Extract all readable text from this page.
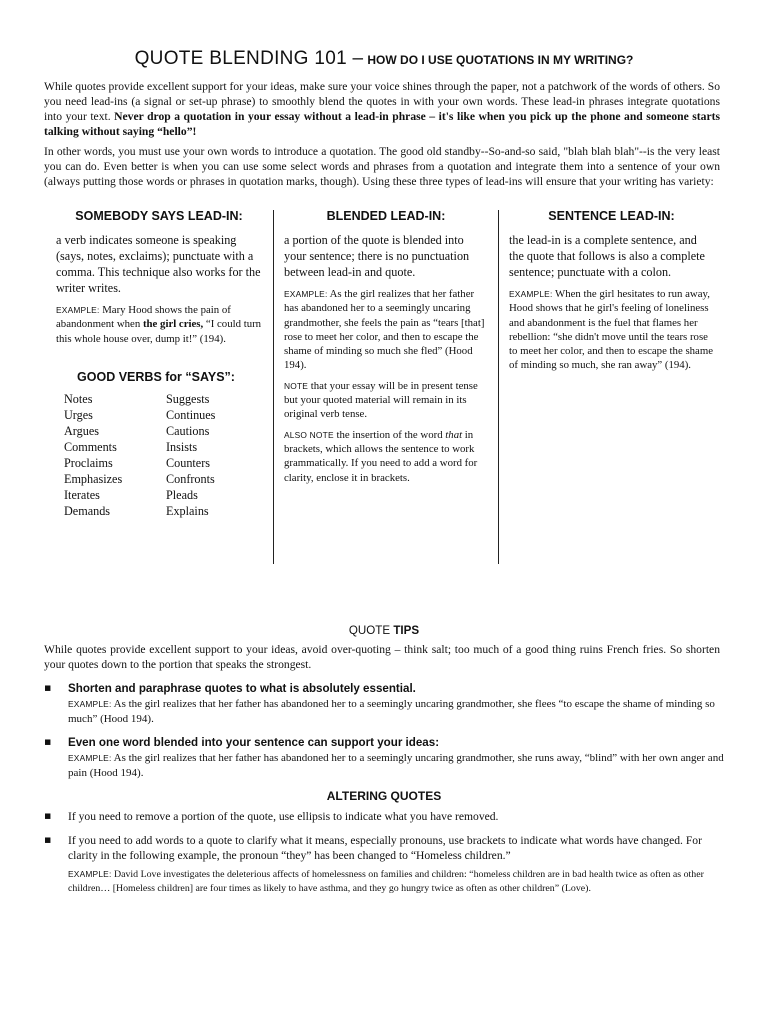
QUOTE BLENDING 101 – HOW DO I USE QUOTATIONS IN MY WRITING?
While quotes provide excellent support for your ideas, make sure your voice shines through the paper, not a patchwork of the words of others. So you need lead-ins (a signal or set-up phrase) to smoothly blend the quotes in with your own words. These lead-in phrases integrate quotations into your text. Never drop a quotation in your essay without a lead-in phrase – it's like when you pick up the phone and someone starts talking without saying “hello”!
In other words, you must use your own words to introduce a quotation. The good old standby--So-and-so said, "blah blah blah"--is the very least you can do. Even better is when you can use some select words and phrases from a quotation and integrate them into a sentence of your own (always putting those words or phrases in quotation marks, though). Using these three types of lead-ins will ensure that your writing has variety:
SOMEBODY SAYS LEAD-IN:
a verb indicates someone is speaking (says, notes, exclaims); punctuate with a comma. This technique also works for the writer writes.
EXAMPLE: Mary Hood shows the pain of abandonment when the girl cries, “I could turn this whole house over, dump it!” (194).
GOOD VERBS for “SAYS”:
Notes	Suggests
Urges	Continues
Argues	Cautions
Comments	Insists
Proclaims	Counters
Emphasizes	Confronts
Iterates	Pleads
Demands	Explains
BLENDED LEAD-IN:
a portion of the quote is blended into your sentence; there is no punctuation between lead-in and quote.
EXAMPLE: As the girl realizes that her father has abandoned her to a seemingly uncaring grandmother, she feels the pain as “tears [that] rose to meet her color, and then to escape the shame of minding so much she fled” (Hood 194).
NOTE that your essay will be in present tense but your quoted material will remain in its original verb tense.
ALSO NOTE the insertion of the word that in brackets, which allows the sentence to work grammatically. If you need to add a word for clarity, enclose it in brackets.
SENTENCE LEAD-IN:
the lead-in is a complete sentence, and the quote that follows is also a complete sentence; punctuate with a colon.
EXAMPLE: When the girl hesitates to run away, Hood shows that he girl's feeling of loneliness and abandonment is the fuel that flames her rebellion: “she didn't move until the tears rose to meet her color, and then to escape the shame of minding so much, she ran away” (194).
QUOTE TIPS
While quotes provide excellent support to your ideas, avoid over-quoting – think salt; too much of a good thing ruins French fries. So shorten your quotes down to the portion that speaks the strongest.
▪ Shorten and paraphrase quotes to what is absolutely essential.
EXAMPLE: As the girl realizes that her father has abandoned her to a seemingly uncaring grandmother, she flees “to escape the shame of minding so much” (Hood 194).
▪ Even one word blended into your sentence can support your ideas:
EXAMPLE: As the girl realizes that her father has abandoned her to a seemingly uncaring grandmother, she runs away, “blind” with her own anger and pain (Hood 194).
ALTERING QUOTES
▪ If you need to remove a portion of the quote, use ellipsis to indicate what you have removed.
▪ If you need to add words to a quote to clarify what it means, especially pronouns, use brackets to indicate what words have changed. For clarity in the following example, the pronoun “they” has been changed to “Homeless children.”
EXAMPLE: David Love investigates the deleterious affects of homelessness on families and children: “homeless children are in bad health twice as often as other children… [Homeless children] are four times as likely to have asthma, and they go hungry twice as often as other children” (Love).
